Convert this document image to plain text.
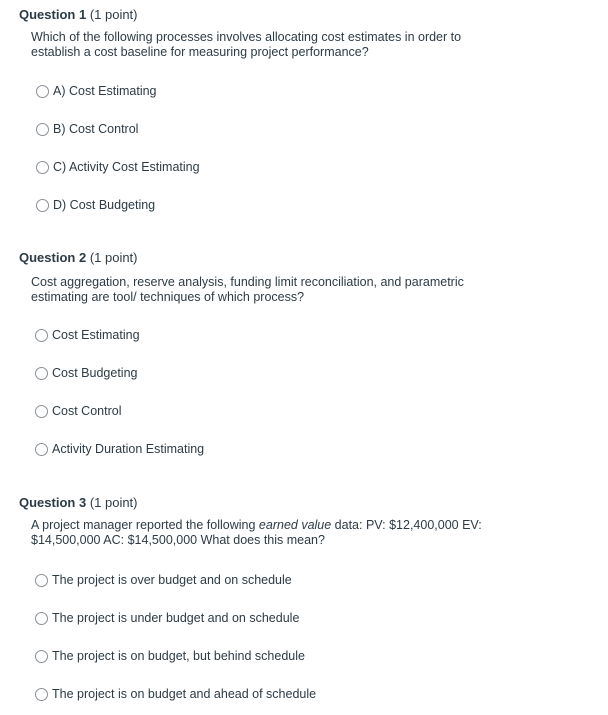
Question 1 (1 point)
Which of the following processes involves allocating cost estimates in order to
establish a cost baseline for measuring project performance?
A) Cost Estimating
B) Cost Control
C) Activity Cost Estimating
D) Cost Budgeting
Question 2 (1 point)
Cost aggregation, reserve analysis, funding limit reconciliation, and parametric
estimating are tool/ techniques of which process?
Cost Estimating
Cost Budgeting
Cost Control
Activity Duration Estimating
Question 3 (1 point)
A project manager reported the following earned value data: PV: $12,400,000 EV:
$14,500,000 AC: $14,500,000 What does this mean?
The project is over budget and on schedule
The project is under budget and on schedule
The project is on budget, but behind schedule
The project is on budget and ahead of schedule
